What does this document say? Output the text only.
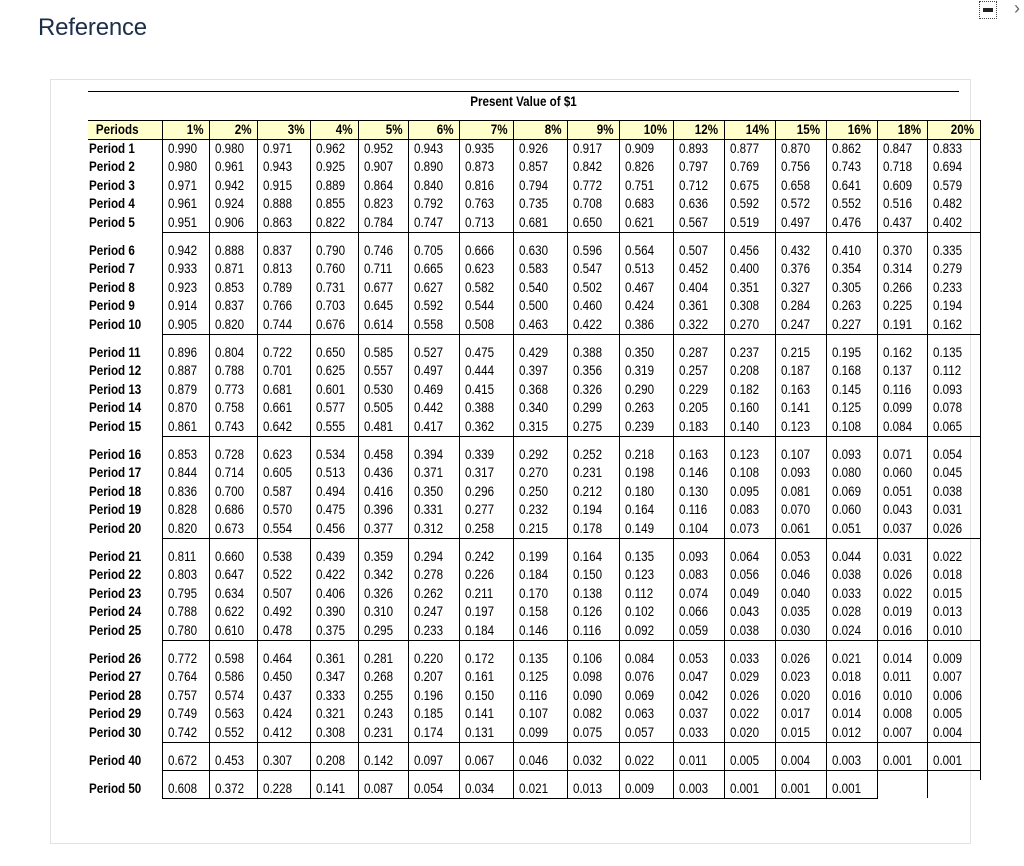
Reference
›
Present Value of $1
Periods	1%	2%	3%	4%	5%	6%	7%	8%	9%	10%	12%	14%	15%	16%	18%	20%
Period 1	0.990	0.980	0.971	0.962	0.952	0.943	0.935	0.926	0.917	0.909	0.893	0.877	0.870	0.862	0.847	0.833
Period 2	0.980	0.961	0.943	0.925	0.907	0.890	0.873	0.857	0.842	0.826	0.797	0.769	0.756	0.743	0.718	0.694
Period 3	0.971	0.942	0.915	0.889	0.864	0.840	0.816	0.794	0.772	0.751	0.712	0.675	0.658	0.641	0.609	0.579
Period 4	0.961	0.924	0.888	0.855	0.823	0.792	0.763	0.735	0.708	0.683	0.636	0.592	0.572	0.552	0.516	0.482
Period 5	0.951	0.906	0.863	0.822	0.784	0.747	0.713	0.681	0.650	0.621	0.567	0.519	0.497	0.476	0.437	0.402

Period 6	0.942	0.888	0.837	0.790	0.746	0.705	0.666	0.630	0.596	0.564	0.507	0.456	0.432	0.410	0.370	0.335
Period 7	0.933	0.871	0.813	0.760	0.711	0.665	0.623	0.583	0.547	0.513	0.452	0.400	0.376	0.354	0.314	0.279
Period 8	0.923	0.853	0.789	0.731	0.677	0.627	0.582	0.540	0.502	0.467	0.404	0.351	0.327	0.305	0.266	0.233
Period 9	0.914	0.837	0.766	0.703	0.645	0.592	0.544	0.500	0.460	0.424	0.361	0.308	0.284	0.263	0.225	0.194
Period 10	0.905	0.820	0.744	0.676	0.614	0.558	0.508	0.463	0.422	0.386	0.322	0.270	0.247	0.227	0.191	0.162

Period 11	0.896	0.804	0.722	0.650	0.585	0.527	0.475	0.429	0.388	0.350	0.287	0.237	0.215	0.195	0.162	0.135
Period 12	0.887	0.788	0.701	0.625	0.557	0.497	0.444	0.397	0.356	0.319	0.257	0.208	0.187	0.168	0.137	0.112
Period 13	0.879	0.773	0.681	0.601	0.530	0.469	0.415	0.368	0.326	0.290	0.229	0.182	0.163	0.145	0.116	0.093
Period 14	0.870	0.758	0.661	0.577	0.505	0.442	0.388	0.340	0.299	0.263	0.205	0.160	0.141	0.125	0.099	0.078
Period 15	0.861	0.743	0.642	0.555	0.481	0.417	0.362	0.315	0.275	0.239	0.183	0.140	0.123	0.108	0.084	0.065

Period 16	0.853	0.728	0.623	0.534	0.458	0.394	0.339	0.292	0.252	0.218	0.163	0.123	0.107	0.093	0.071	0.054
Period 17	0.844	0.714	0.605	0.513	0.436	0.371	0.317	0.270	0.231	0.198	0.146	0.108	0.093	0.080	0.060	0.045
Period 18	0.836	0.700	0.587	0.494	0.416	0.350	0.296	0.250	0.212	0.180	0.130	0.095	0.081	0.069	0.051	0.038
Period 19	0.828	0.686	0.570	0.475	0.396	0.331	0.277	0.232	0.194	0.164	0.116	0.083	0.070	0.060	0.043	0.031
Period 20	0.820	0.673	0.554	0.456	0.377	0.312	0.258	0.215	0.178	0.149	0.104	0.073	0.061	0.051	0.037	0.026

Period 21	0.811	0.660	0.538	0.439	0.359	0.294	0.242	0.199	0.164	0.135	0.093	0.064	0.053	0.044	0.031	0.022
Period 22	0.803	0.647	0.522	0.422	0.342	0.278	0.226	0.184	0.150	0.123	0.083	0.056	0.046	0.038	0.026	0.018
Period 23	0.795	0.634	0.507	0.406	0.326	0.262	0.211	0.170	0.138	0.112	0.074	0.049	0.040	0.033	0.022	0.015
Period 24	0.788	0.622	0.492	0.390	0.310	0.247	0.197	0.158	0.126	0.102	0.066	0.043	0.035	0.028	0.019	0.013
Period 25	0.780	0.610	0.478	0.375	0.295	0.233	0.184	0.146	0.116	0.092	0.059	0.038	0.030	0.024	0.016	0.010

Period 26	0.772	0.598	0.464	0.361	0.281	0.220	0.172	0.135	0.106	0.084	0.053	0.033	0.026	0.021	0.014	0.009
Period 27	0.764	0.586	0.450	0.347	0.268	0.207	0.161	0.125	0.098	0.076	0.047	0.029	0.023	0.018	0.011	0.007
Period 28	0.757	0.574	0.437	0.333	0.255	0.196	0.150	0.116	0.090	0.069	0.042	0.026	0.020	0.016	0.010	0.006
Period 29	0.749	0.563	0.424	0.321	0.243	0.185	0.141	0.107	0.082	0.063	0.037	0.022	0.017	0.014	0.008	0.005
Period 30	0.742	0.552	0.412	0.308	0.231	0.174	0.131	0.099	0.075	0.057	0.033	0.020	0.015	0.012	0.007	0.004

Period 40	0.672	0.453	0.307	0.208	0.142	0.097	0.067	0.046	0.032	0.022	0.011	0.005	0.004	0.003	0.001	0.001

Period 50	0.608	0.372	0.228	0.141	0.087	0.054	0.034	0.021	0.013	0.009	0.003	0.001	0.001	0.001		
